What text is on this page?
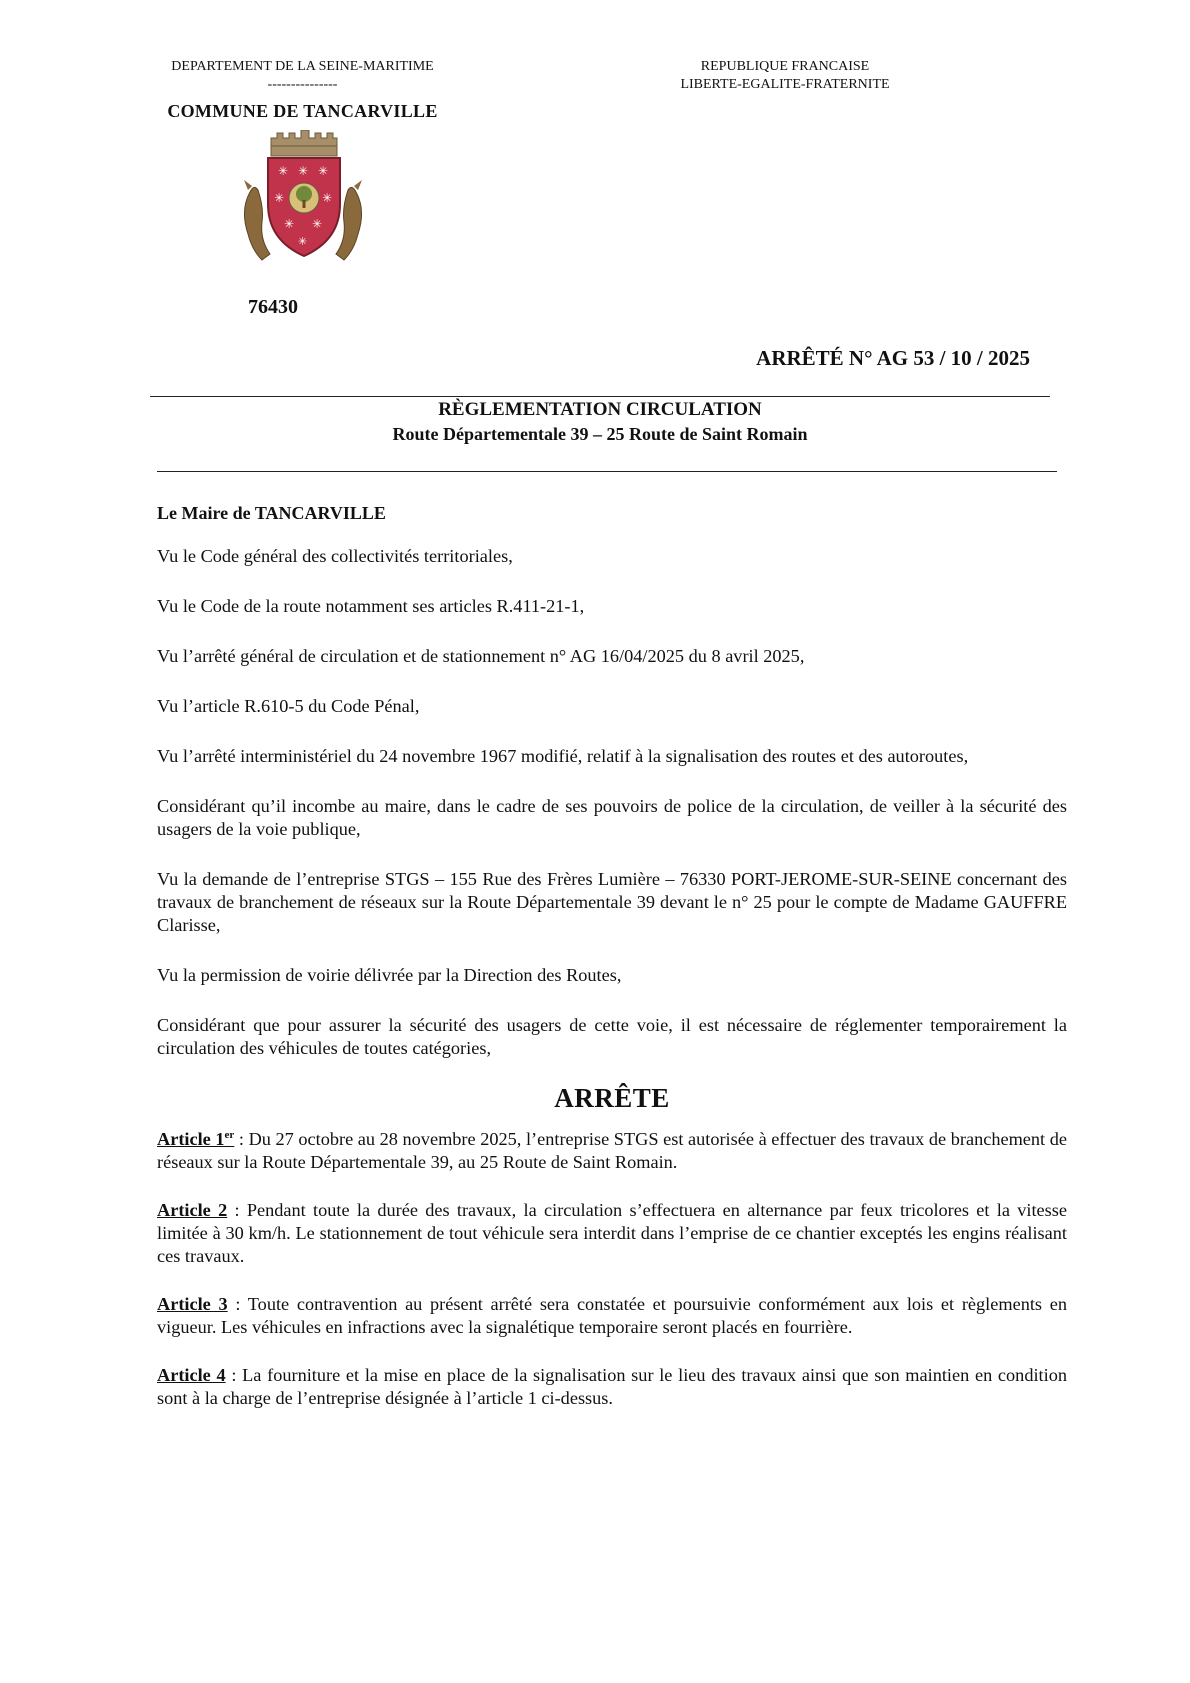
DEPARTEMENT DE LA SEINE-MARITIME
---------------
COMMUNE DE TANCARVILLE
REPUBLIQUE FRANCAISE
LIBERTE-EGALITE-FRATERNITE
✳ ✳ ✳
✳	✳
✳ ✳
✳
76430
ARRÊTÉ N° AG 53 / 10 / 2025
RÈGLEMENTATION CIRCULATION
Route Départementale 39 – 25 Route de Saint Romain

Le Maire de TANCARVILLE

Vu le Code général des collectivités territoriales,

Vu le Code de la route notamment ses articles R.411-21-1,

Vu l’arrêté général de circulation et de stationnement n° AG 16/04/2025 du 8 avril 2025,

Vu l’article R.610-5 du Code Pénal,

Vu l’arrêté interministériel du 24 novembre 1967 modifié, relatif à la signalisation des routes et des autoroutes,

Considérant qu’il incombe au maire, dans le cadre de ses pouvoirs de police de la circulation, de veiller à la sécurité des usagers de la voie publique,

Vu la demande de l’entreprise STGS – 155 Rue des Frères Lumière – 76330 PORT-JEROME-SUR-SEINE concernant des travaux de branchement de réseaux sur la Route Départementale 39 devant le n° 25 pour le compte de Madame GAUFFRE Clarisse,

Vu la permission de voirie délivrée par la Direction des Routes,

Considérant que pour assurer la sécurité des usagers de cette voie, il est nécessaire de réglementer temporairement la circulation des véhicules de toutes catégories,

ARRÊTE

Article 1er : Du 27 octobre au 28 novembre 2025, l’entreprise STGS est autorisée à effectuer des travaux de branchement de réseaux sur la Route Départementale 39, au 25 Route de Saint Romain.

Article 2 : Pendant toute la durée des travaux, la circulation s’effectuera en alternance par feux tricolores et la vitesse limitée à 30 km/h. Le stationnement de tout véhicule sera interdit dans l’emprise de ce chantier exceptés les engins réalisant ces travaux.

Article 3 : Toute contravention au présent arrêté sera constatée et poursuivie conformément aux lois et règlements en vigueur. Les véhicules en infractions avec la signalétique temporaire seront placés en fourrière.

Article 4 : La fourniture et la mise en place de la signalisation sur le lieu des travaux ainsi que son maintien en condition sont à la charge de l’entreprise désignée à l’article 1 ci-dessus.
